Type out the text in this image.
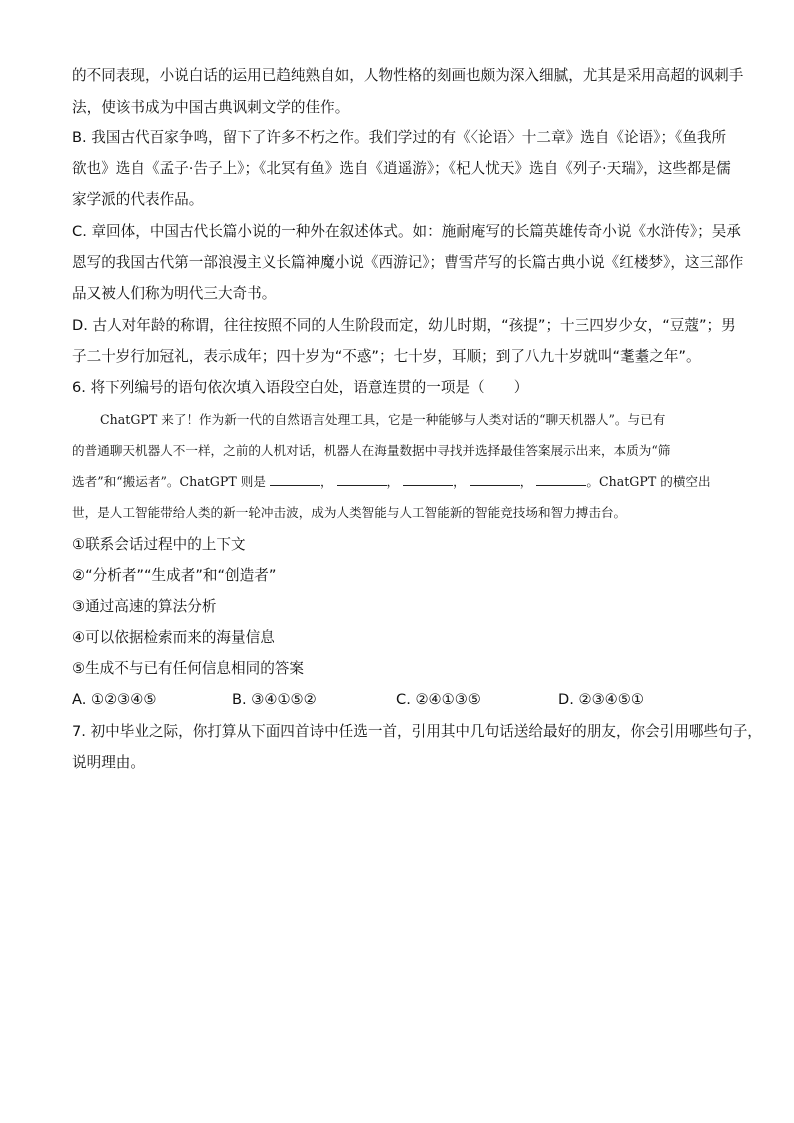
的不同表现，小说白话的运用已趋纯熟自如，人物性格的刻画也颇为深入细腻，尤其是采用高超的讽刺手
法，使该书成为中国古典讽刺文学的佳作。
B. 我国古代百家争鸣，留下了许多不朽之作。我们学过的有《〈论语〉十二章》选自《论语》；《鱼我所
欲也》选自《孟子·告子上》；《北冥有鱼》选自《逍遥游》；《杞人忧天》选自《列子·天瑞》，这些都是儒
家学派的代表作品。
C. 章回体，中国古代长篇小说的一种外在叙述体式。如：施耐庵写的长篇英雄传奇小说《水浒传》；吴承
恩写的我国古代第一部浪漫主义长篇神魔小说《西游记》；曹雪芹写的长篇古典小说《红楼梦》，这三部作
品又被人们称为明代三大奇书。
D. 古人对年龄的称谓，往往按照不同的人生阶段而定，幼儿时期，“孩提”；十三四岁少女，“豆蔻”；男
子二十岁行加冠礼，表示成年；四十岁为“不惑”；七十岁，耳顺；到了八九十岁就叫“耄耋之年”。
6. 将下列编号的语句依次填入语段空白处，语意连贯的一项是（　　）
ChatGPT 来了！作为新一代的自然语言处理工具，它是一种能够与人类对话的“聊天机器人”。与已有
的普通聊天机器人不一样，之前的人机对话，机器人在海量数据中寻找并选择最佳答案展示出来，本质为“筛
选者”和“搬运者”。ChatGPT 则是	，	，	，	，	。ChatGPT 的横空出
世，是人工智能带给人类的新一轮冲击波，成为人类智能与人工智能新的智能竞技场和智力搏击台。
①联系会话过程中的上下文
②“分析者”“生成者”和“创造者”
③通过高速的算法分析
④可以依据检索而来的海量信息
⑤生成不与已有任何信息相同的答案
A. ①②③④⑤	B. ③④①⑤②	C. ②④①③⑤	D. ②③④⑤①
7. 初中毕业之际，你打算从下面四首诗中任选一首，引用其中几句话送给最好的朋友，你会引用哪些句子，
说明理由。
